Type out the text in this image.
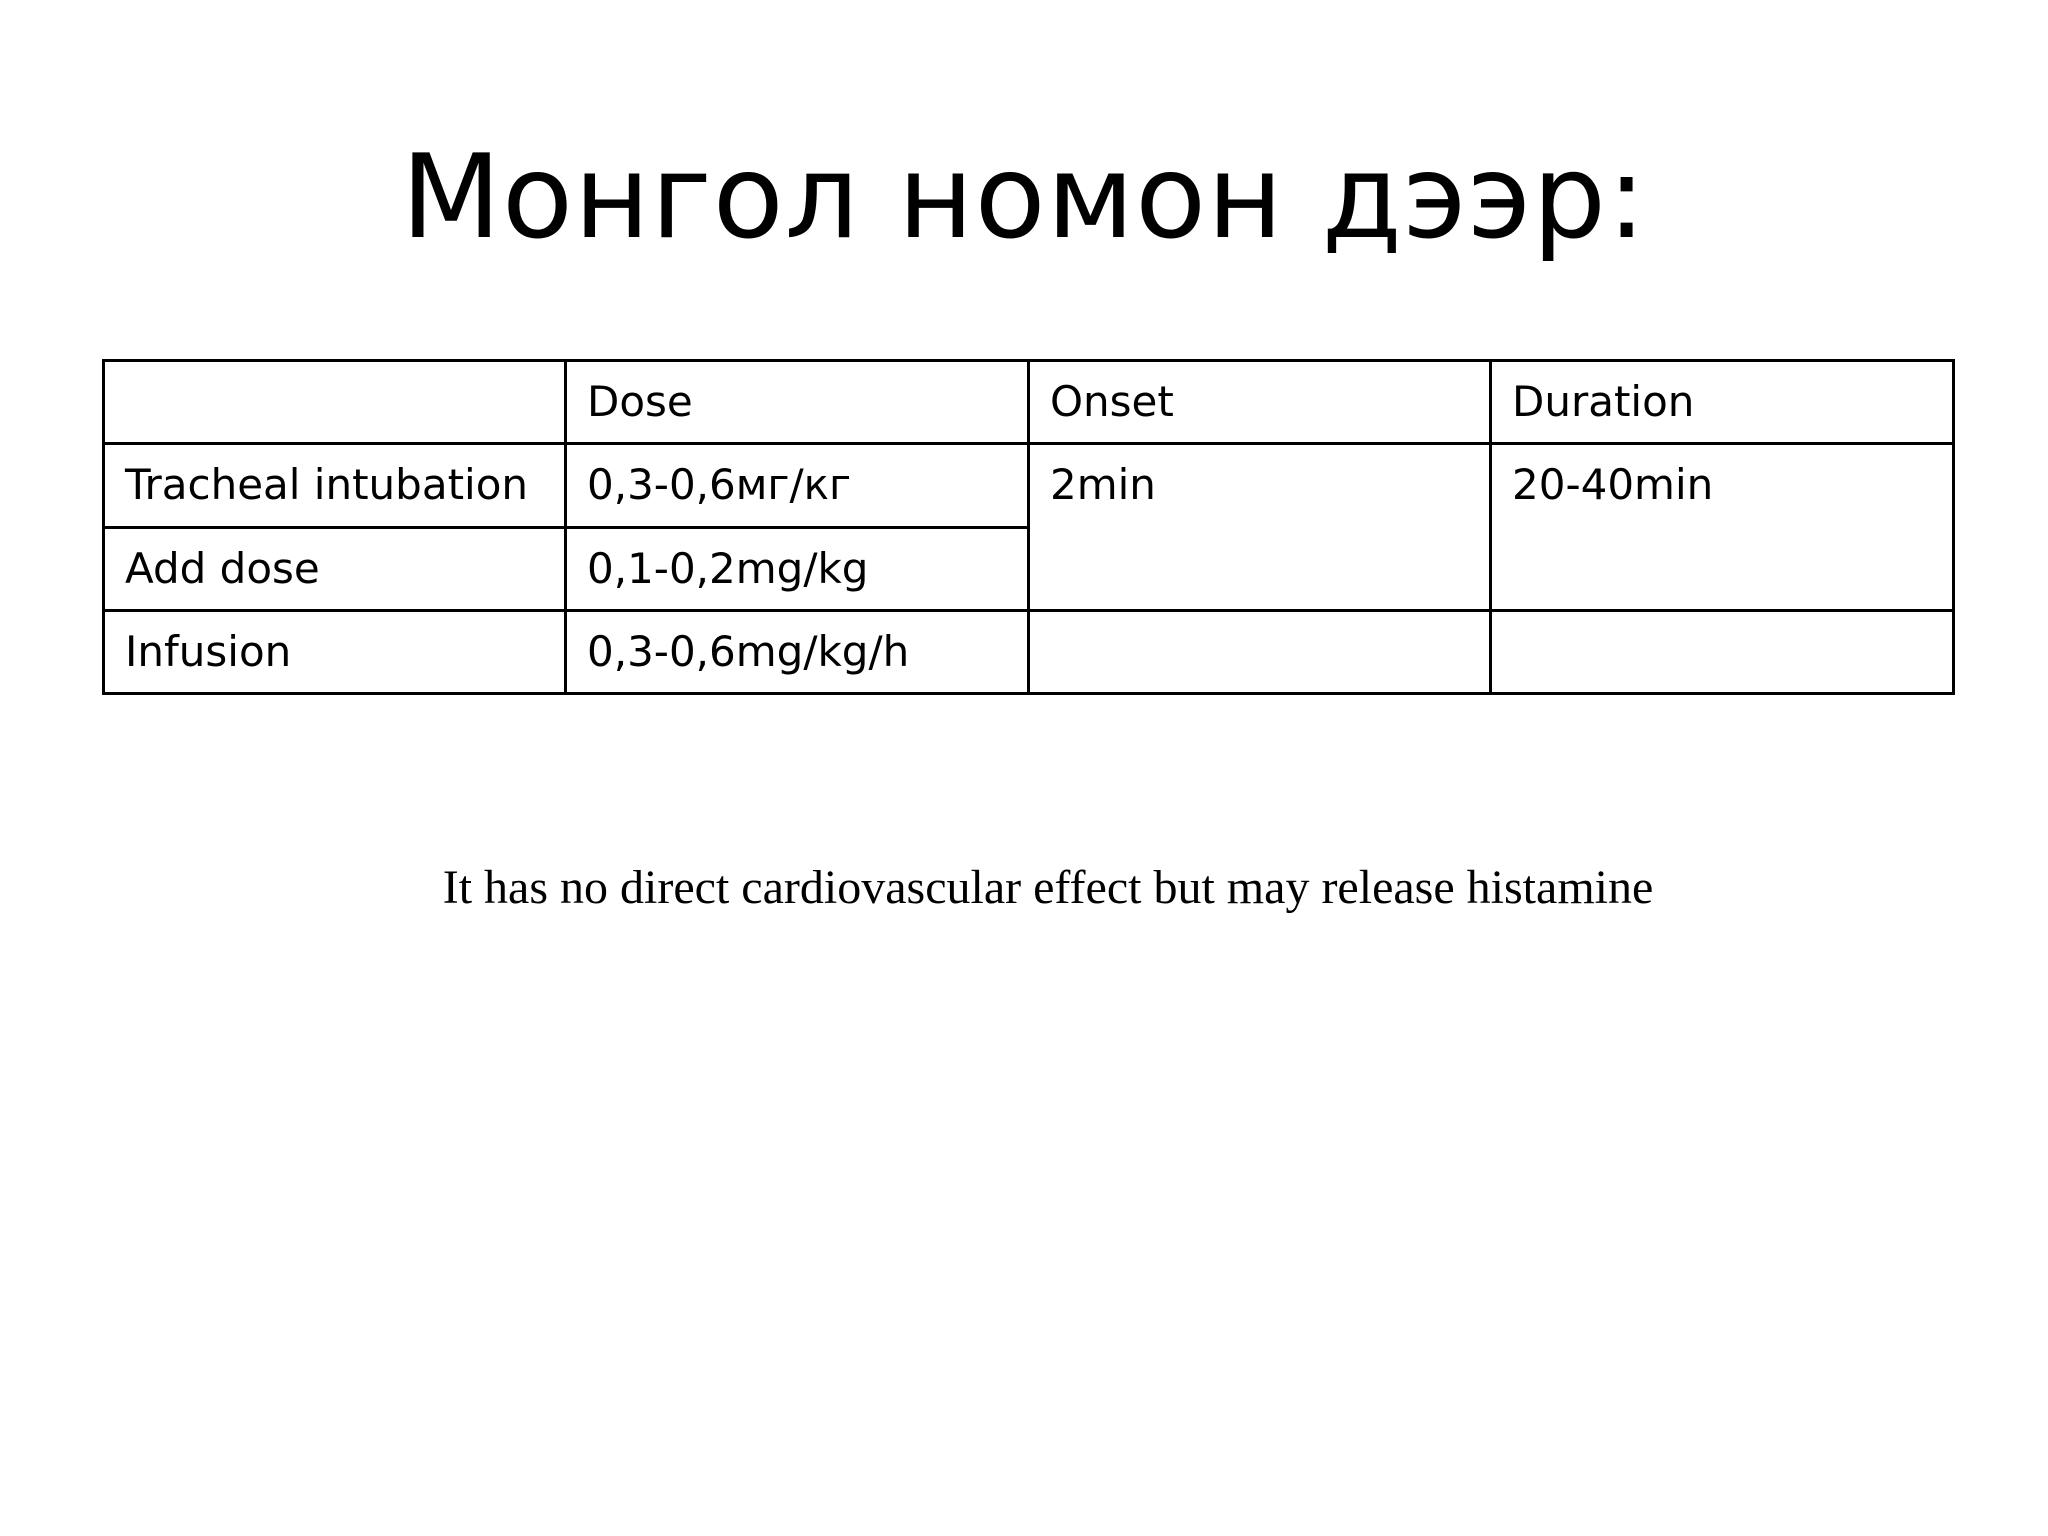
Монгол номон дээр:
	Dose	Onset	Duration
Tracheal intubation	0,3-0,6мг/кг	2min	20-40min
Add dose	0,1-0,2mg/kg		
Infusion	0,3-0,6mg/kg/h		

It has no direct cardiovascular effect but may release histamine
